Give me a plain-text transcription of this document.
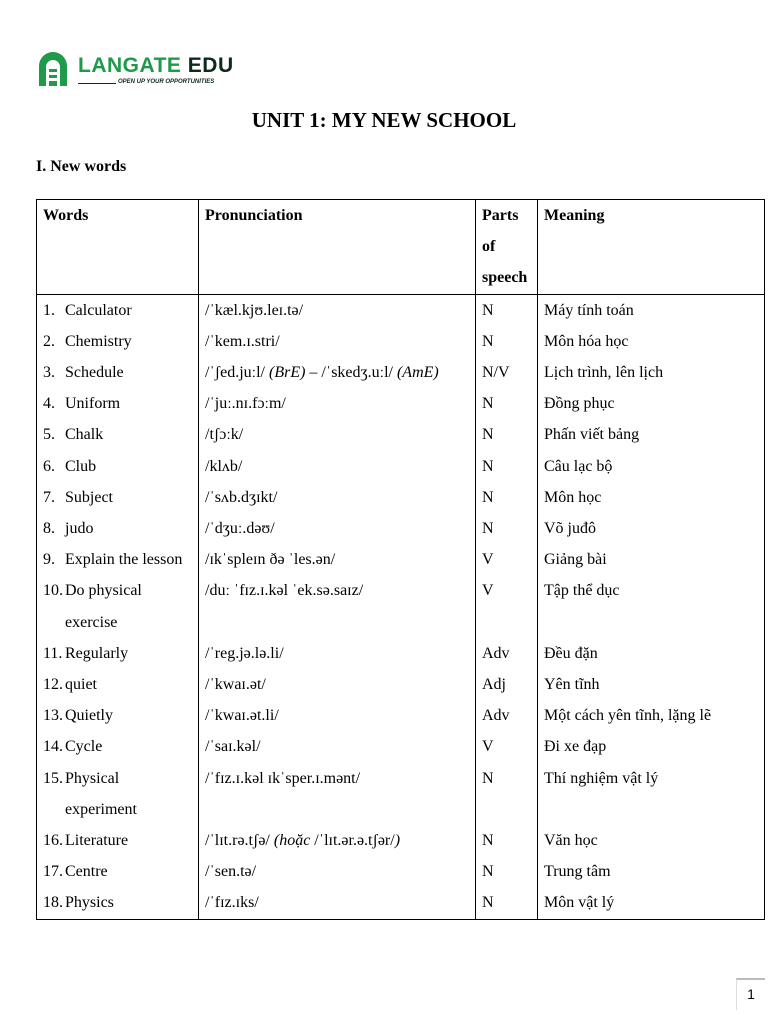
LANGATE EDU
OPEN UP YOUR OPPORTUNITIES
UNIT 1: MY NEW SCHOOL
I. New words
Words	Pronunciation	Parts of speech	Meaning

1. Calculator	/ˈkæl.kjʊ.leɪ.tə/	N	Máy tính toán

2. Chemistry	/ˈkem.ɪ.stri/	N	Môn hóa học

3. Schedule	/ˈʃed.juːl/ (BrE) – /ˈskedʒ.uːl/ (AmE)	N/V	Lịch trình, lên lịch

4. Uniform	/ˈjuː.nɪ.fɔːm/	N	Đồng phục

5. Chalk	/tʃɔːk/	N	Phấn viết bảng

6. Club	/klʌb/	N	Câu lạc bộ

7. Subject	/ˈsʌb.dʒɪkt/	N	Môn học

8. judo	/ˈdʒuː.dəʊ/	N	Võ juđô

9. Explain the lesson	/ɪkˈspleɪn ðə ˈles.ən/	V	Giảng bài

10. Do physical exercise	/duː ˈfɪz.ɪ.kəl ˈek.sə.saɪz/	V	Tập thể dục

11. Regularly	/ˈreg.jə.lə.li/	Adv	Đều đặn

12. quiet	/ˈkwaɪ.ət/	Adj	Yên tĩnh

13. Quietly	/ˈkwaɪ.ət.li/	Adv	Một cách yên tĩnh, lặng lẽ

14. Cycle	/ˈsaɪ.kəl/	V	Đi xe đạp

15. Physical experiment	/ˈfɪz.ɪ.kəl ɪkˈsper.ɪ.mənt/	N	Thí nghiệm vật lý

16. Literature	/ˈlɪt.rə.tʃə/ (hoặc /ˈlɪt.ər.ə.tʃər/)	N	Văn học

17. Centre	/ˈsen.tə/	N	Trung tâm

18. Physics	/ˈfɪz.ɪks/	N	Môn vật lý
1
